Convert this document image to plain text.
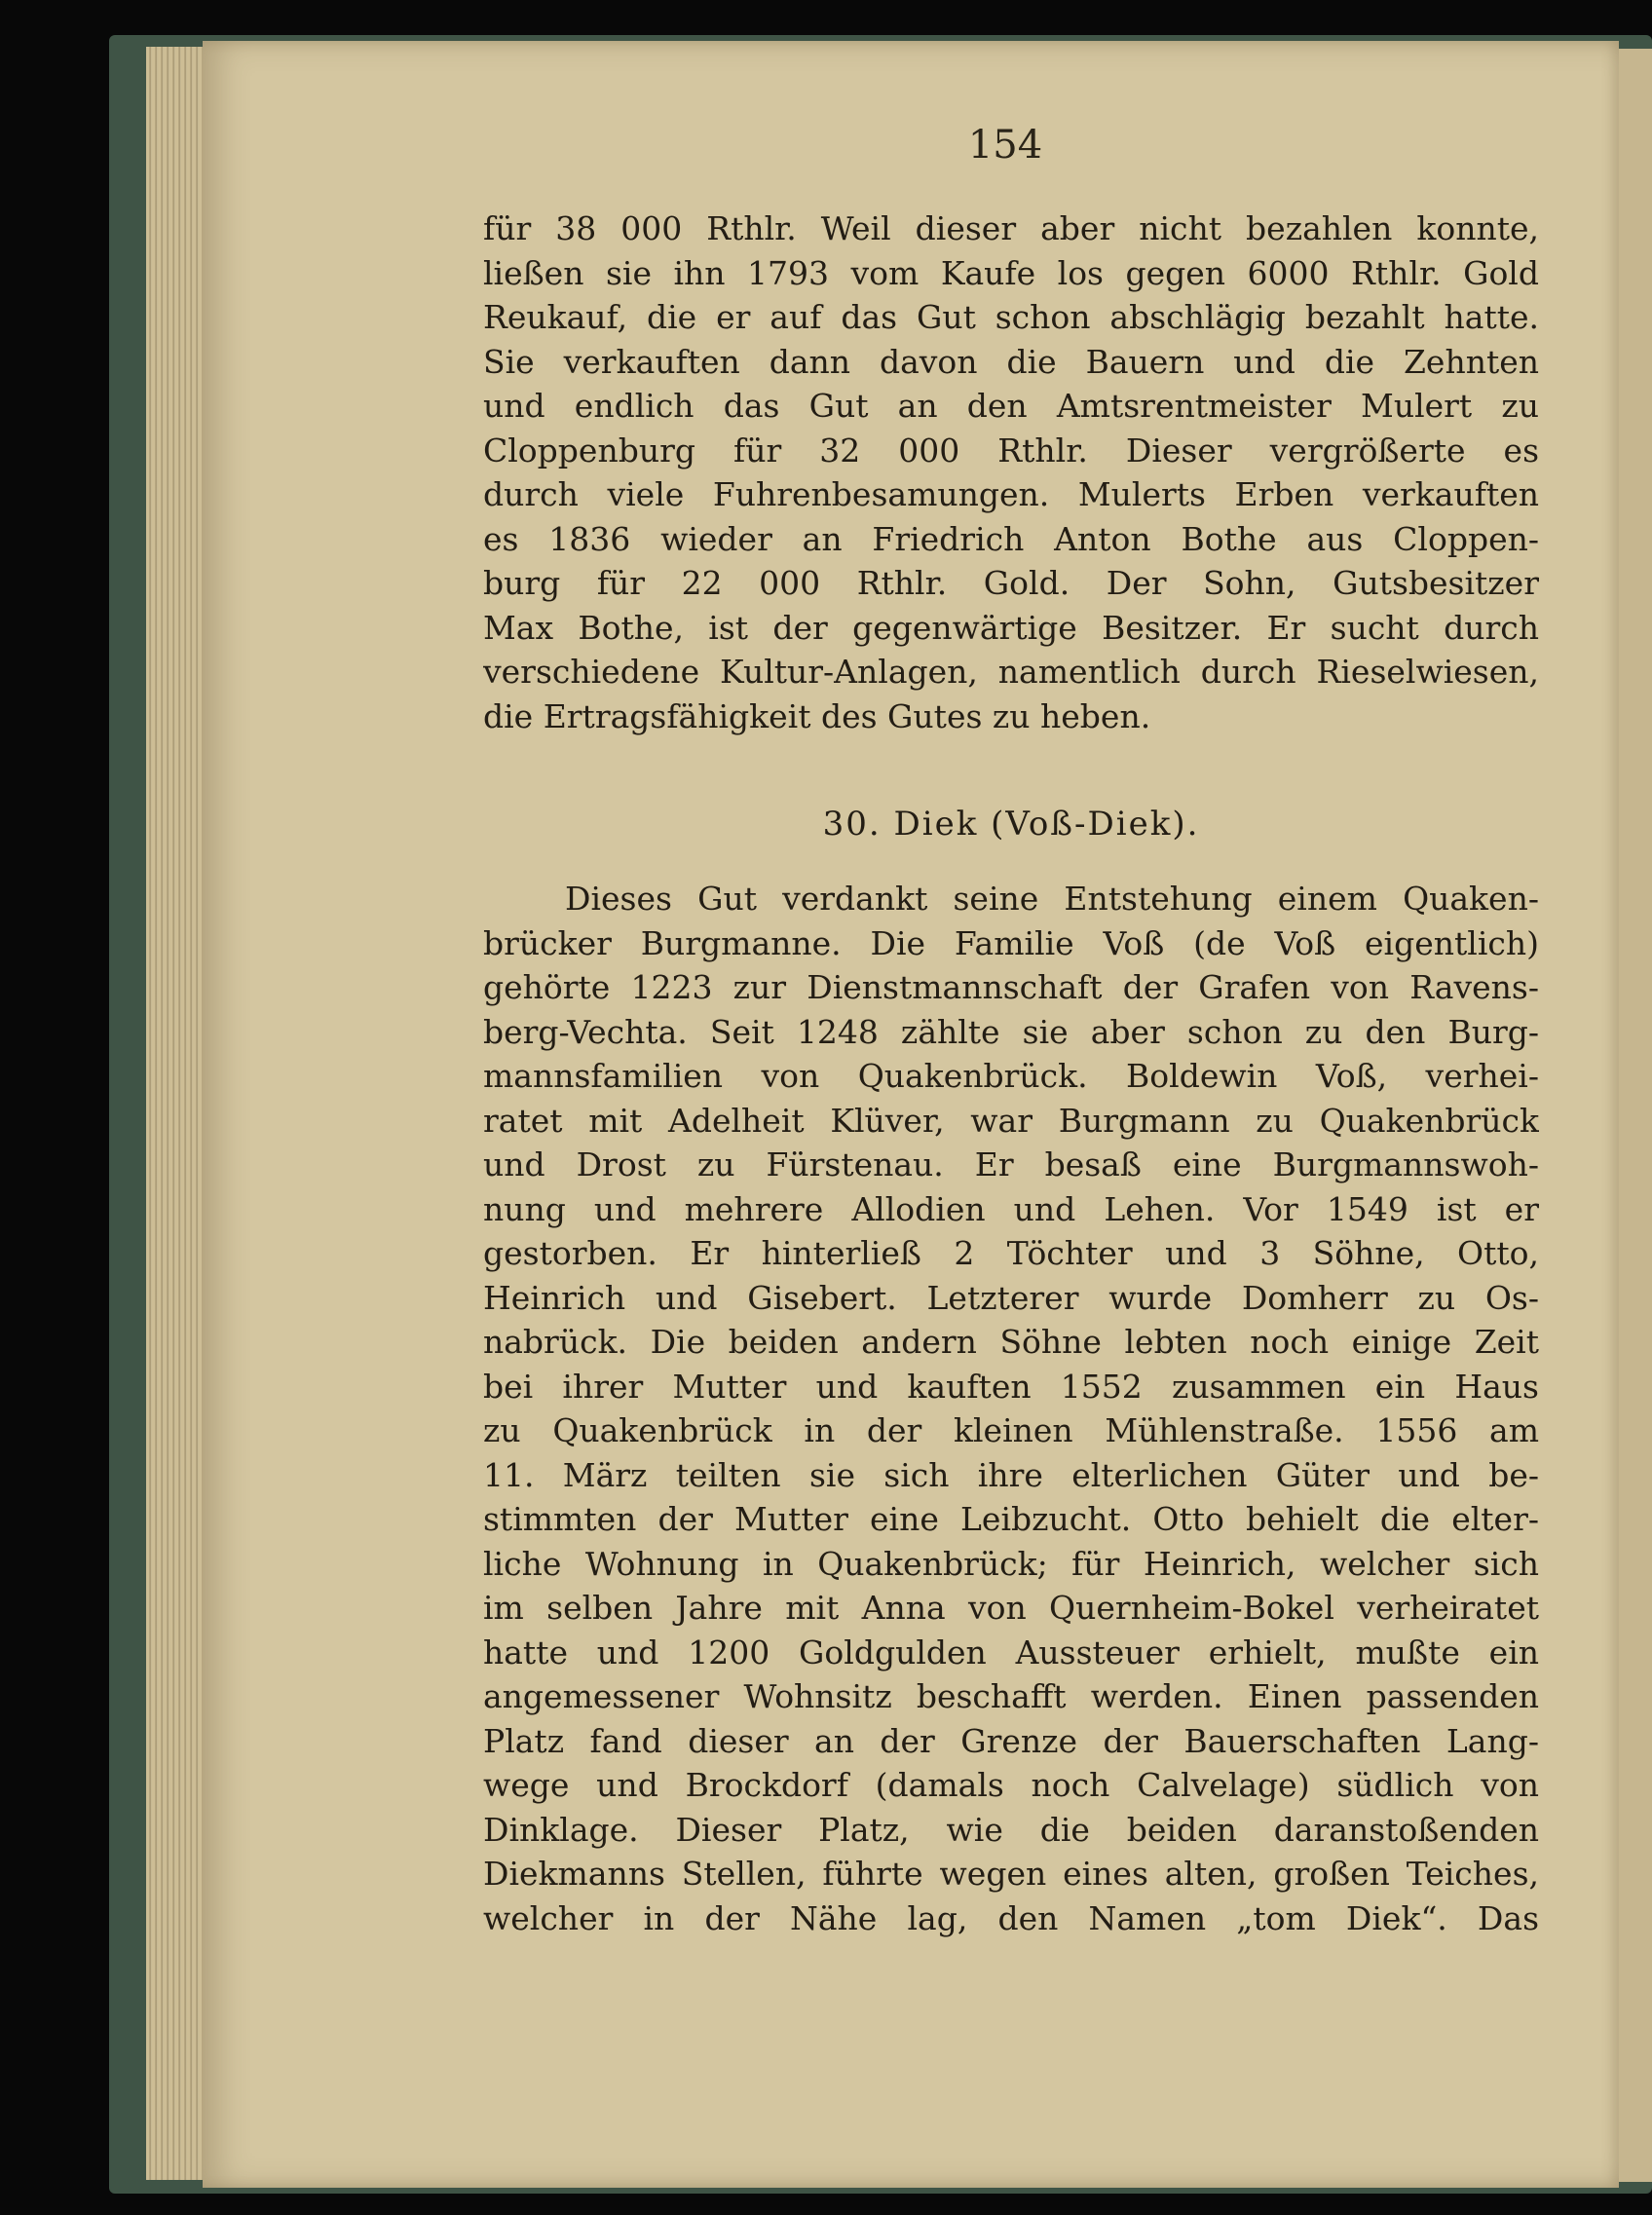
154
für 38 000 Rthlr. Weil dieser aber nicht bezahlen konnte,
ließen sie ihn 1793 vom Kaufe los gegen 6000 Rthlr. Gold
Reukauf, die er auf das Gut schon abschlägig bezahlt hatte.
Sie verkauften dann davon die Bauern und die Zehnten
und endlich das Gut an den Amtsrentmeister Mulert zu
Cloppenburg für 32 000 Rthlr. Dieser vergrößerte es
durch viele Fuhrenbesamungen. Mulerts Erben verkauften
es 1836 wieder an Friedrich Anton Bothe aus Cloppen-
burg für 22 000 Rthlr. Gold. Der Sohn, Gutsbesitzer
Max Bothe, ist der gegenwärtige Besitzer. Er sucht durch
verschiedene Kultur-Anlagen, namentlich durch Rieselwiesen,
die Ertragsfähigkeit des Gutes zu heben.
30. Diek (Voß-Diek).
Dieses Gut verdankt seine Entstehung einem Quaken-
brücker Burgmanne. Die Familie Voß (de Voß eigentlich)
gehörte 1223 zur Dienstmannschaft der Grafen von Ravens-
berg-Vechta. Seit 1248 zählte sie aber schon zu den Burg-
mannsfamilien von Quakenbrück. Boldewin Voß, verhei-
ratet mit Adelheit Klüver, war Burgmann zu Quakenbrück
und Drost zu Fürstenau. Er besaß eine Burgmannswoh-
nung und mehrere Allodien und Lehen. Vor 1549 ist er
gestorben. Er hinterließ 2 Töchter und 3 Söhne, Otto,
Heinrich und Gisebert. Letzterer wurde Domherr zu Os-
nabrück. Die beiden andern Söhne lebten noch einige Zeit
bei ihrer Mutter und kauften 1552 zusammen ein Haus
zu Quakenbrück in der kleinen Mühlenstraße. 1556 am
11. März teilten sie sich ihre elterlichen Güter und be-
stimmten der Mutter eine Leibzucht. Otto behielt die elter-
liche Wohnung in Quakenbrück; für Heinrich, welcher sich
im selben Jahre mit Anna von Quernheim-Bokel verheiratet
hatte und 1200 Goldgulden Aussteuer erhielt, mußte ein
angemessener Wohnsitz beschafft werden. Einen passenden
Platz fand dieser an der Grenze der Bauerschaften Lang-
wege und Brockdorf (damals noch Calvelage) südlich von
Dinklage. Dieser Platz, wie die beiden daranstoßenden
Diekmanns Stellen, führte wegen eines alten, großen Teiches,
welcher in der Nähe lag, den Namen „tom Diek“. Das
